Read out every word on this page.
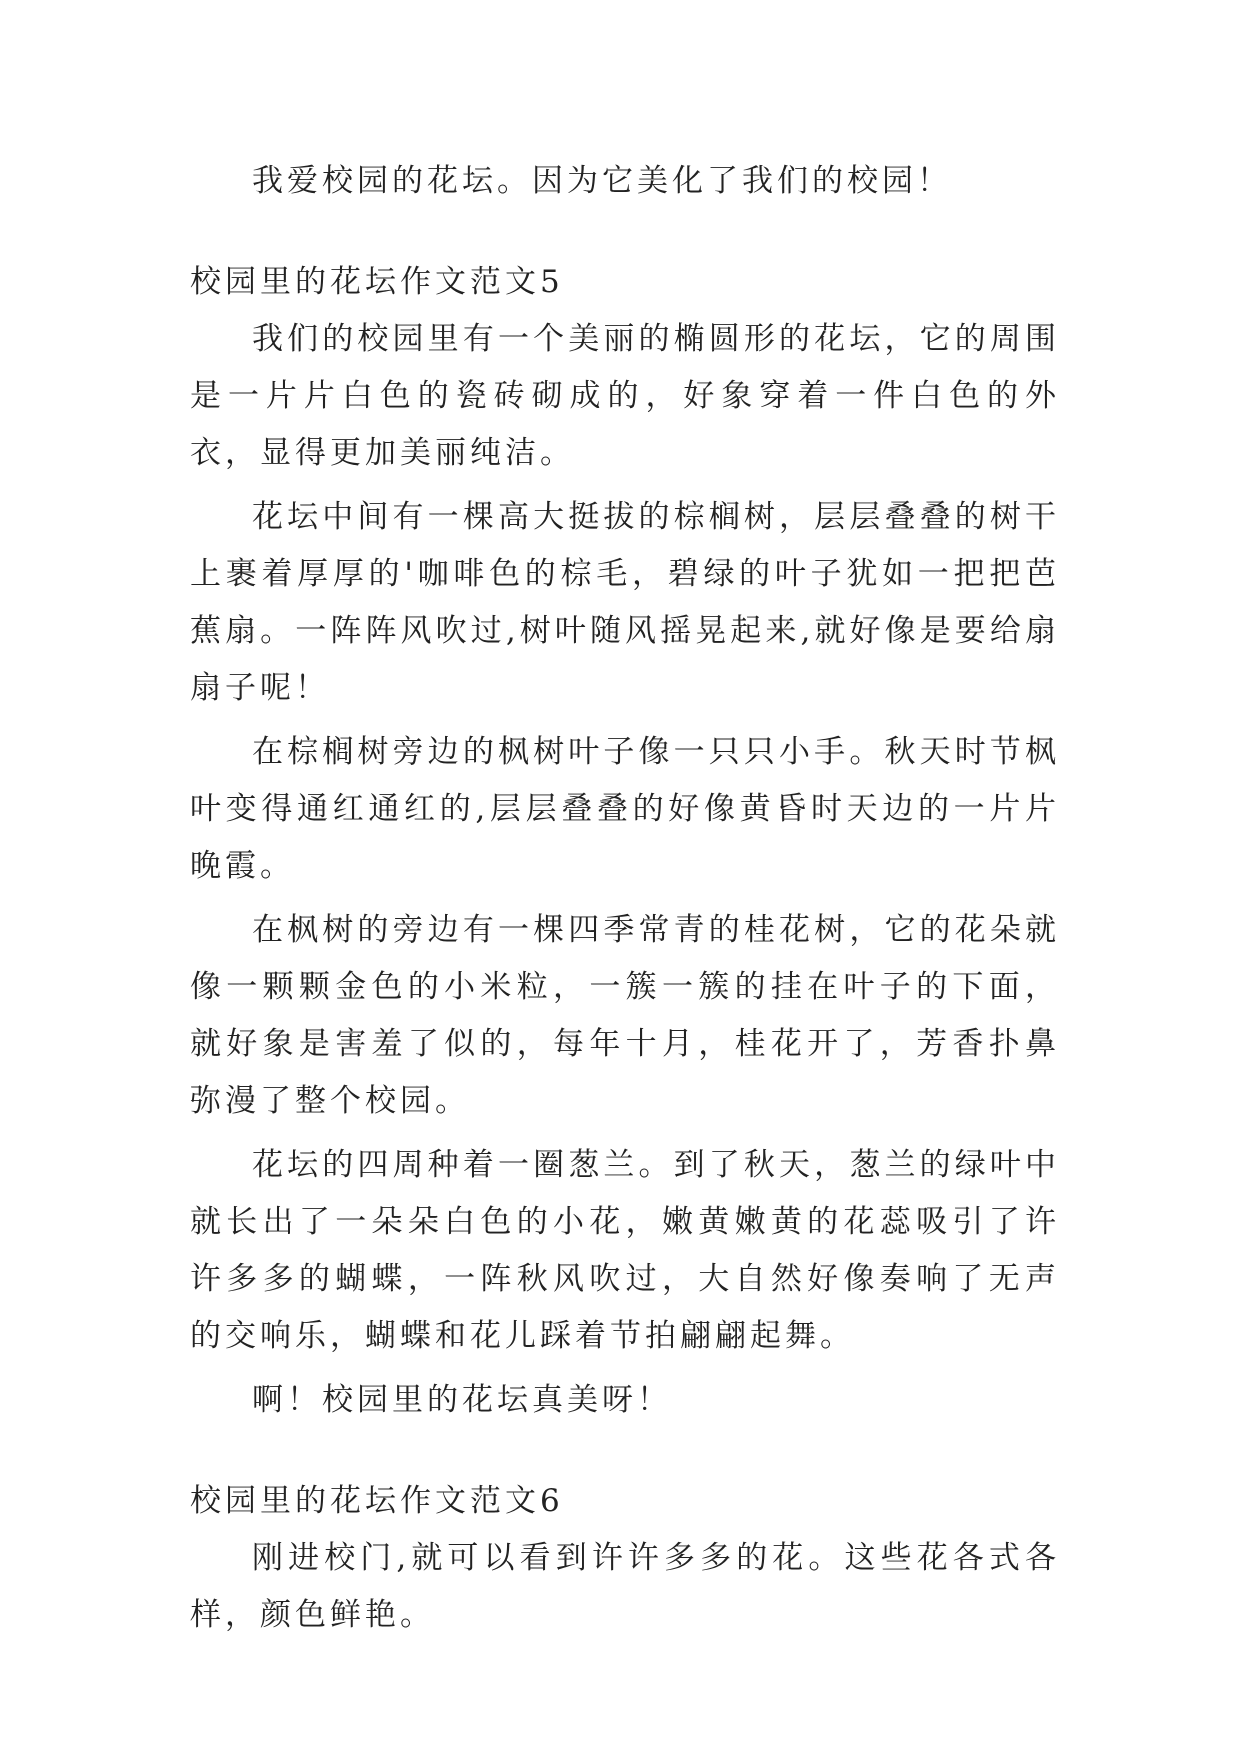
我爱校园的花坛。因为它美化了我们的校园！

校园里的花坛作文范文5

我们的校园里有一个美丽的椭圆形的花坛，它的周围是一片片白色的瓷砖砌成的，好象穿着一件白色的外衣，显得更加美丽纯洁。

花坛中间有一棵高大挺拔的棕榈树，层层叠叠的树干上裹着厚厚的'咖啡色的棕毛，碧绿的叶子犹如一把把芭蕉扇。一阵阵风吹过,树叶随风摇晃起来,就好像是要给扇扇子呢！

在棕榈树旁边的枫树叶子像一只只小手。秋天时节枫叶变得通红通红的,层层叠叠的好像黄昏时天边的一片片晚霞。

在枫树的旁边有一棵四季常青的桂花树，它的花朵就像一颗颗金色的小米粒，一簇一簇的挂在叶子的下面，就好象是害羞了似的，每年十月，桂花开了，芳香扑鼻弥漫了整个校园。

花坛的四周种着一圈葱兰。到了秋天，葱兰的绿叶中就长出了一朵朵白色的小花，嫩黄嫩黄的花蕊吸引了许许多多的蝴蝶，一阵秋风吹过，大自然好像奏响了无声的交响乐，蝴蝶和花儿踩着节拍翩翩起舞。

啊！校园里的花坛真美呀！

校园里的花坛作文范文6

刚进校门,就可以看到许许多多的花。这些花各式各样，颜色鲜艳。
